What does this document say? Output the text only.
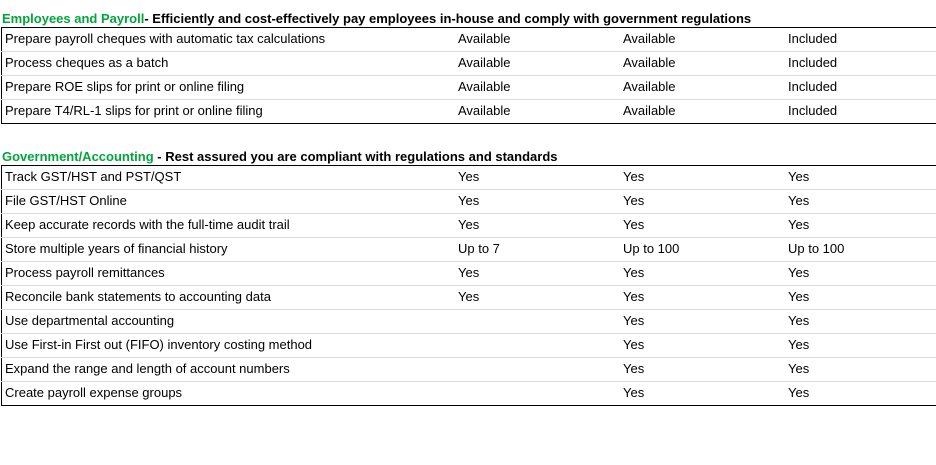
Employees and Payroll- Efficiently and cost-effectively pay employees in-house and comply with government regulations
Prepare payroll cheques with automatic tax calculations	Available	Available	Included
Process cheques as a batch	Available	Available	Included
Prepare ROE slips for print or online filing	Available	Available	Included
Prepare T4/RL-1 slips for print or online filing	Available	Available	Included
Government/Accounting - Rest assured you are compliant with regulations and standards
Track GST/HST and PST/QST	Yes	Yes	Yes
File GST/HST Online	Yes	Yes	Yes
Keep accurate records with the full-time audit trail	Yes	Yes	Yes
Store multiple years of financial history	Up to 7	Up to 100	Up to 100
Process payroll remittances	Yes	Yes	Yes
Reconcile bank statements to accounting data	Yes	Yes	Yes
Use departmental accounting		Yes	Yes
Use First-in First out (FIFO) inventory costing method		Yes	Yes
Expand the range and length of account numbers		Yes	Yes
Create payroll expense groups		Yes	Yes
